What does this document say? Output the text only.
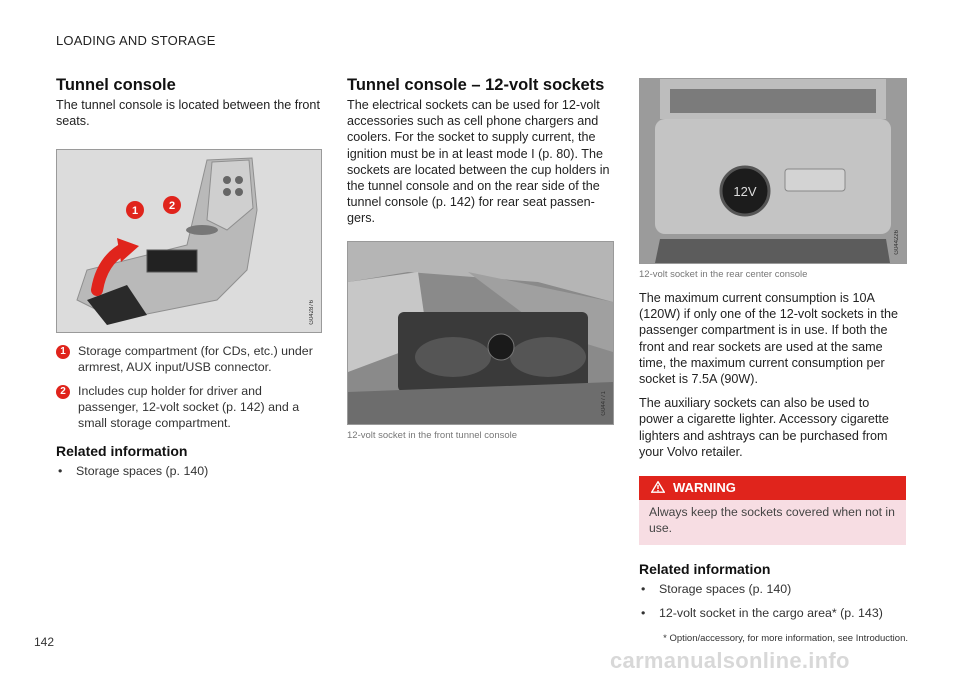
LOADING AND STORAGE
Tunnel console

The tunnel console is located between the front seats.

1	2
G042876
1 Storage compartment (for CDs, etc.) under armrest, AUX input/USB connector.
2 Includes cup holder for driver and passenger, 12-volt socket (p. 142) and a small storage compartment.
Related information
• Storage spaces (p. 140)
Tunnel console – 12-volt sockets

The electrical sockets can be used for 12-volt accessories such as cell phone chargers and coolers. For the socket to supply current, the ignition must be in at least mode I (p. 80). The sockets are located between the cup holders in the tunnel console and on the rear side of the tunnel console (p. 142) for rear seat passen-gers.

G044771
12-volt socket in the front tunnel console
12V
G044226
12-volt socket in the rear center console

The maximum current consumption is 10A (120W) if only one of the 12-volt sockets in the passenger compartment is in use. If both the front and rear sockets are used at the same time, the maximum current consumption per socket is 7.5A (90W).

The auxiliary sockets can also be used to power a cigarette lighter. Accessory cigarette lighters and ashtrays can be purchased from your Volvo retailer.

WARNING
Always keep the sockets covered when not in use.
Related information
• Storage spaces (p. 140)
• 12-volt socket in the cargo area* (p. 143)
142	* Option/accessory, for more information, see Introduction.
carmanualsonline.info
